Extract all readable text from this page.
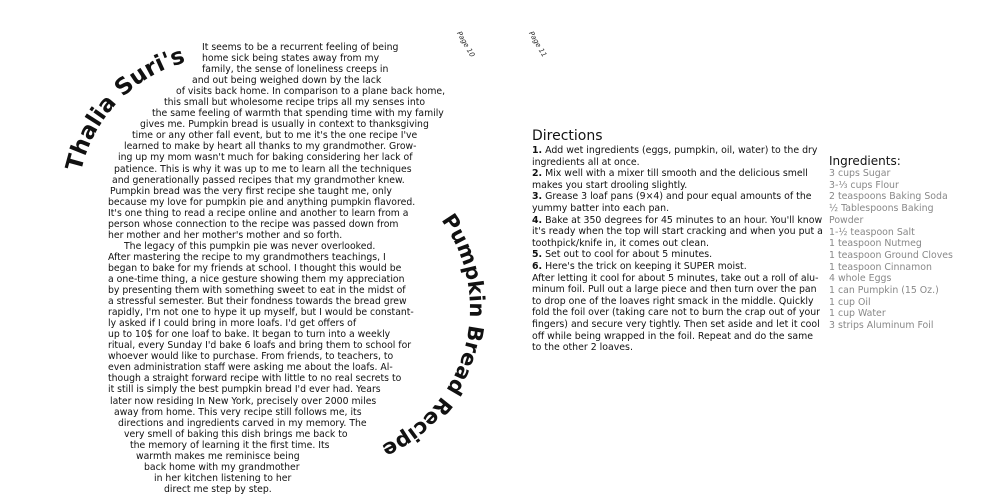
Thalia Suri's
Pumpkin Bread Recipe
It seems to be a recurrent feeling of being
home sick being states away from my
family, the sense of loneliness creeps in
and out being weighed down by the lack
of visits back home. In comparison to a plane back home,
this small but wholesome recipe trips all my senses into
the same feeling of warmth that spending time with my family
gives me. Pumpkin bread is usually in context to thanksgiving
time or any other fall event, but to me it's the one recipe I've
learned to make by heart all thanks to my grandmother. Grow-
ing up my mom wasn't much for baking considering her lack of
patience. This is why it was up to me to learn all the techniques
and generationally passed recipes that my grandmother knew.
Pumpkin bread was the very first recipe she taught me, only
because my love for pumpkin pie and anything pumpkin flavored.
It's one thing to read a recipe online and another to learn from a
person whose connection to the recipe was passed down from
her mother and her mother's mother and so forth.
The legacy of this pumpkin pie was never overlooked.
After mastering the recipe to my grandmothers teachings, I
began to bake for my friends at school. I thought this would be
a one-time thing, a nice gesture showing them my appreciation
by presenting them with something sweet to eat in the midst of
a stressful semester. But their fondness towards the bread grew
rapidly, I'm not one to hype it up myself, but I would be constant-
ly asked if I could bring in more loafs. I'd get offers of
up to 10$ for one loaf to bake. It began to turn into a weekly
ritual, every Sunday I'd bake 6 loafs and bring them to school for
whoever would like to purchase. From friends, to teachers, to
even administration staff were asking me about the loafs. Al-
though a straight forward recipe with little to no real secrets to
it still is simply the best pumpkin bread I'd ever had. Years
later now residing In New York, precisely over 2000 miles
away from home. This very recipe still follows me, its
directions and ingredients carved in my memory. The
very smell of baking this dish brings me back to
the memory of learning it the first time. Its
warmth makes me reminisce being
back home with my grandmother
in her kitchen listening to her
direct me step by step.
Page 10	Page 11
Directions
1. Add wet ingredients (eggs, pumpkin, oil, water) to the dry
ingredients all at once.
2. Mix well with a mixer till smooth and the delicious smell
makes you start drooling slightly.
3. Grease 3 loaf pans (9×4) and pour equal amounts of the
yummy batter into each pan.
4. Bake at 350 degrees for 45 minutes to an hour. You'll know
it's ready when the top will start cracking and when you put a
toothpick/knife in, it comes out clean.
5. Set out to cool for about 5 minutes.
6. Here's the trick on keeping it SUPER moist.
After letting it cool for about 5 minutes, take out a roll of alu-
minum foil. Pull out a large piece and then turn over the pan
to drop one of the loaves right smack in the middle. Quickly
fold the foil over (taking care not to burn the crap out of your
fingers) and secure very tightly. Then set aside and let it cool
off while being wrapped in the foil. Repeat and do the same
to the other 2 loaves.
Ingredients:
3 cups Sugar
3-⅓ cups Flour
2 teaspoons Baking Soda
½ Tablespoons Baking
Powder
1-½ teaspoon Salt
1 teaspoon Nutmeg
1 teaspoon Ground Cloves
1 teaspoon Cinnamon
4 whole Eggs
1 can Pumpkin (15 Oz.)
1 cup Oil
1 cup Water
3 strips Aluminum Foil
